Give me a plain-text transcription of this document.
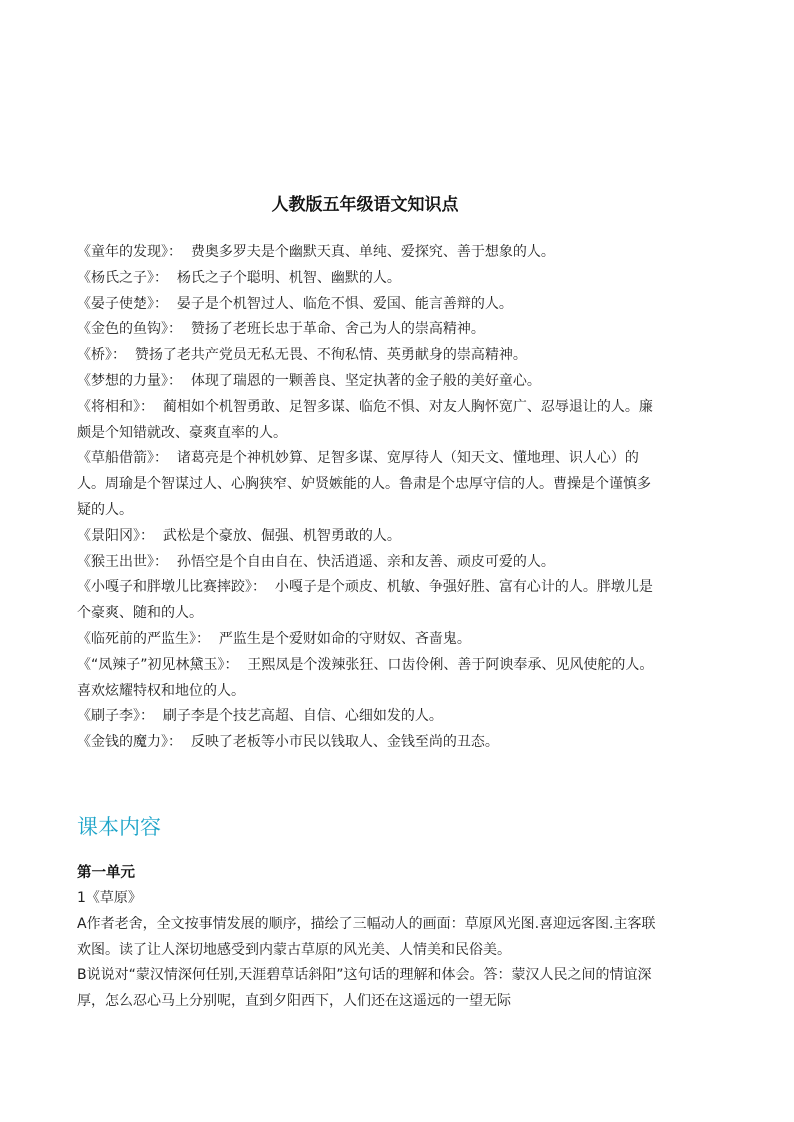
人教版五年级语文知识点

《童年的发现》：  费奥多罗夫是个幽默天真、单纯、爱探究、善于想象的人。

《杨氏之子》：  杨氏之子个聪明、机智、幽默的人。

《晏子使楚》：  晏子是个机智过人、临危不惧、爱国、能言善辩的人。

《金色的鱼钩》：  赞扬了老班长忠于革命、舍己为人的崇高精神。

《桥》：  赞扬了老共产党员无私无畏、不徇私情、英勇献身的崇高精神。

《梦想的力量》：  体现了瑞恩的一颗善良、坚定执著的金子般的美好童心。

《将相和》：  蔺相如个机智勇敢、足智多谋、临危不惧、对友人胸怀宽广、忍辱退让的人。廉颇是个知错就改、豪爽直率的人。

《草船借箭》：  诸葛亮是个神机妙算、足智多谋、宽厚待人（知天文、懂地理、识人心）的人。周瑜是个智谋过人、心胸狭窄、妒贤嫉能的人。鲁肃是个忠厚守信的人。曹操是个谨慎多疑的人。

《景阳冈》：  武松是个豪放、倔强、机智勇敢的人。

《猴王出世》：  孙悟空是个自由自在、快活逍遥、亲和友善、顽皮可爱的人。

《小嘎子和胖墩儿比赛摔跤》：  小嘎子是个顽皮、机敏、争强好胜、富有心计的人。胖墩儿是个豪爽、随和的人。

《临死前的严监生》：  严监生是个爱财如命的守财奴、吝啬鬼。

《“凤辣子”初见林黛玉》：  王熙凤是个泼辣张狂、口齿伶俐、善于阿谀奉承、见风使舵的人。喜欢炫耀特权和地位的人。

《刷子李》：  刷子李是个技艺高超、自信、心细如发的人。

《金钱的魔力》：  反映了老板等小市民以钱取人、金钱至尚的丑态。

课本内容

第一单元

1《草原》

A作者老舍，全文按事情发展的顺序，描绘了三幅动人的画面：草原风光图.喜迎远客图.主客联欢图。读了让人深切地感受到内蒙古草原的风光美、人情美和民俗美。

B说说对“蒙汉情深何任别,天涯碧草话斜阳”这句话的理解和体会。答：蒙汉人民之间的情谊深厚，怎么忍心马上分别呢，直到夕阳西下，人们还在这遥远的一望无际
